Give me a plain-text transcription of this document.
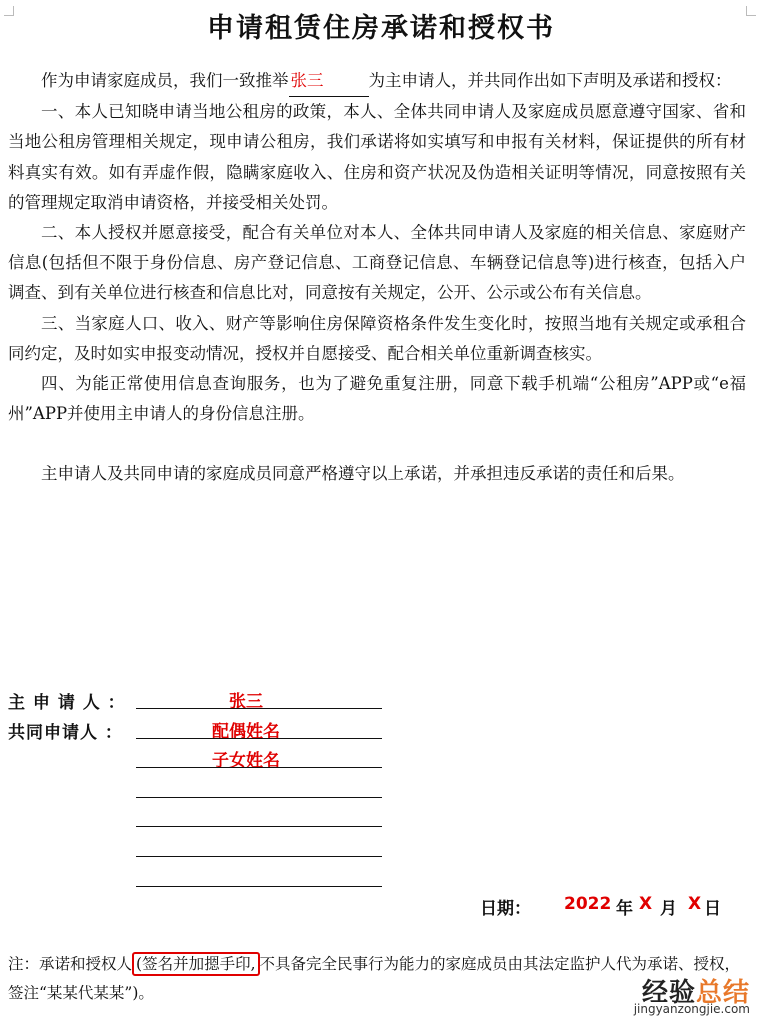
申请租赁住房承诺和授权书

作为申请家庭成员，我们一致推举 张三	为主申请人，并共同作出如下声明及承诺和授权：

一、本人已知晓申请当地公租房的政策，本人、全体共同申请人及家庭成员愿意遵守国家、省和当地公租房管理相关规定，现申请公租房，我们承诺将如实填写和申报有关材料，保证提供的所有材料真实有效。如有弄虚作假，隐瞒家庭收入、住房和资产状况及伪造相关证明等情况，同意按照有关的管理规定取消申请资格，并接受相关处罚。

二、本人授权并愿意接受，配合有关单位对本人、全体共同申请人及家庭的相关信息、家庭财产信息(包括但不限于身份信息、房产登记信息、工商登记信息、车辆登记信息等)进行核查，包括入户调查、到有关单位进行核查和信息比对，同意按有关规定，公开、公示或公布有关信息。

三、当家庭人口、收入、财产等影响住房保障资格条件发生变化时，按照当地有关规定或承租合同约定，及时如实申报变动情况，授权并自愿接受、配合相关单位重新调查核实。

四、为能正常使用信息查询服务，也为了避免重复注册，同意下载手机端“公租房”APP或“e福州”APP并使用主申请人的身份信息注册。

主申请人及共同申请的家庭成员同意严格遵守以上承诺，并承担违反承诺的责任和后果。

主 申 请 人 ：	张三
共同申请人 ：	配偶姓名
子女姓名
日期： 2022 年 X 月 X 日
注：承诺和授权人 (签名并加摁手印, 不具备完全民事行为能力的家庭成员由其法定监护人代为承诺、授权，签注“某某代某某”)。	经验总结
jingyanzongjie.com
